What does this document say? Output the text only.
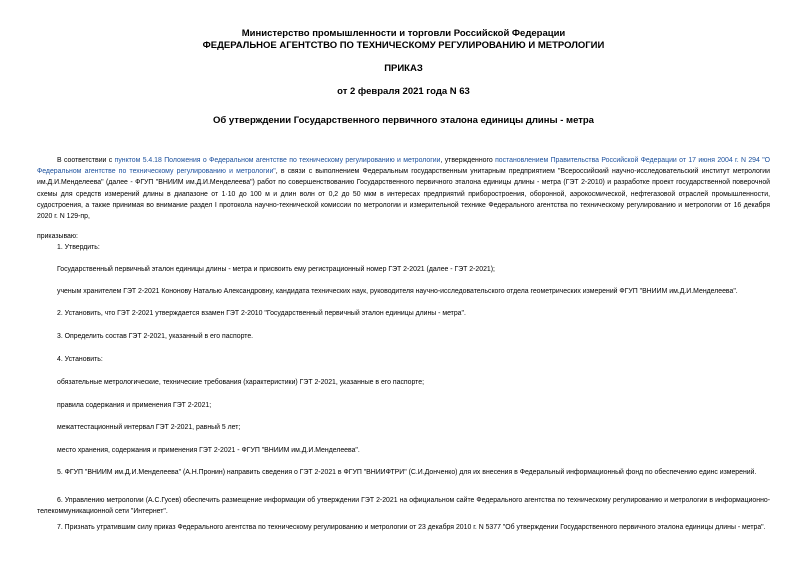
Министерство промышленности и торговли Российской Федерации
ФЕДЕРАЛЬНОЕ АГЕНТСТВО ПО ТЕХНИЧЕСКОМУ РЕГУЛИРОВАНИЮ И МЕТРОЛОГИИ
ПРИКАЗ
от 2 февраля 2021 года N 63
Об утверждении Государственного первичного эталона единицы длины - метра
В соответствии с пунктом 5.4.18 Положения о Федеральном агентстве по техническому регулированию и метрологии, утвержденного постановлением Правительства Российской Федерации от 17 июня 2004 г. N 294 "О Федеральном агентстве по техническому регулированию и метрологии", в связи с выполнением Федеральным государственным унитарным предприятием "Всероссийский научно-исследовательский институт метрологии им.Д.И.Менделеева" (далее - ФГУП "ВНИИМ им.Д.И.Менделеева") работ по совершенствованию Государственного первичного эталона единицы длины - метра (ГЭТ 2-2010) и разработке проект государственной поверочной схемы для средств измерений длины в диапазоне от 1·10 до 100 м и длин волн от 0,2 до 50 мкм в интересах предприятий приборостроения, оборонной, аэрокосмической, нефтегазовой отраслей промышленности, судостроения, а также принимая во внимание раздел I протокола научно-технической комиссии по метрологии и измерительной технике Федерального агентства по техническому регулированию и метрологии от 16 декабря 2020 г. N 129-пр,
приказываю:
1. Утвердить:
Государственный первичный эталон единицы длины - метра и присвоить ему регистрационный номер ГЭТ 2-2021 (далее - ГЭТ 2-2021);
ученым хранителем ГЭТ 2-2021 Кононову Наталью Александровну, кандидата технических наук, руководителя научно-исследовательского отдела геометрических измерений ФГУП "ВНИИМ им.Д.И.Менделеева".
2. Установить, что ГЭТ 2-2021 утверждается взамен ГЭТ 2-2010 "Государственный первичный эталон единицы длины - метра".
3. Определить состав ГЭТ 2-2021, указанный в его паспорте.
4. Установить:
обязательные метрологические, технические требования (характеристики) ГЭТ 2-2021, указанные в его паспорте;
правила содержания и применения ГЭТ 2-2021;
межаттестационный интервал ГЭТ 2-2021, равный 5 лет;
место хранения, содержания и применения ГЭТ 2-2021 - ФГУП "ВНИИМ им.Д.И.Менделеева".
5. ФГУП "ВНИИМ им.Д.И.Менделеева" (А.Н.Пронин) направить сведения о ГЭТ 2-2021 в ФГУП "ВНИИФТРИ" (С.И.Донченко) для их внесения в Федеральный информационный фонд по обеспечению единс измерений.
6. Управлению метрологии (А.С.Гусев) обеспечить размещение информации об утверждении ГЭТ 2-2021 на официальном сайте Федерального агентства по техническому регулированию и метрологии в информационно-телекоммуникационной сети "Интернет".
7. Признать утратившим силу приказ Федерального агентства по техническому регулированию и метрологии от 23 декабря 2010 г. N 5377 "Об утверждении Государственного первичного эталона единицы длины - метра".
